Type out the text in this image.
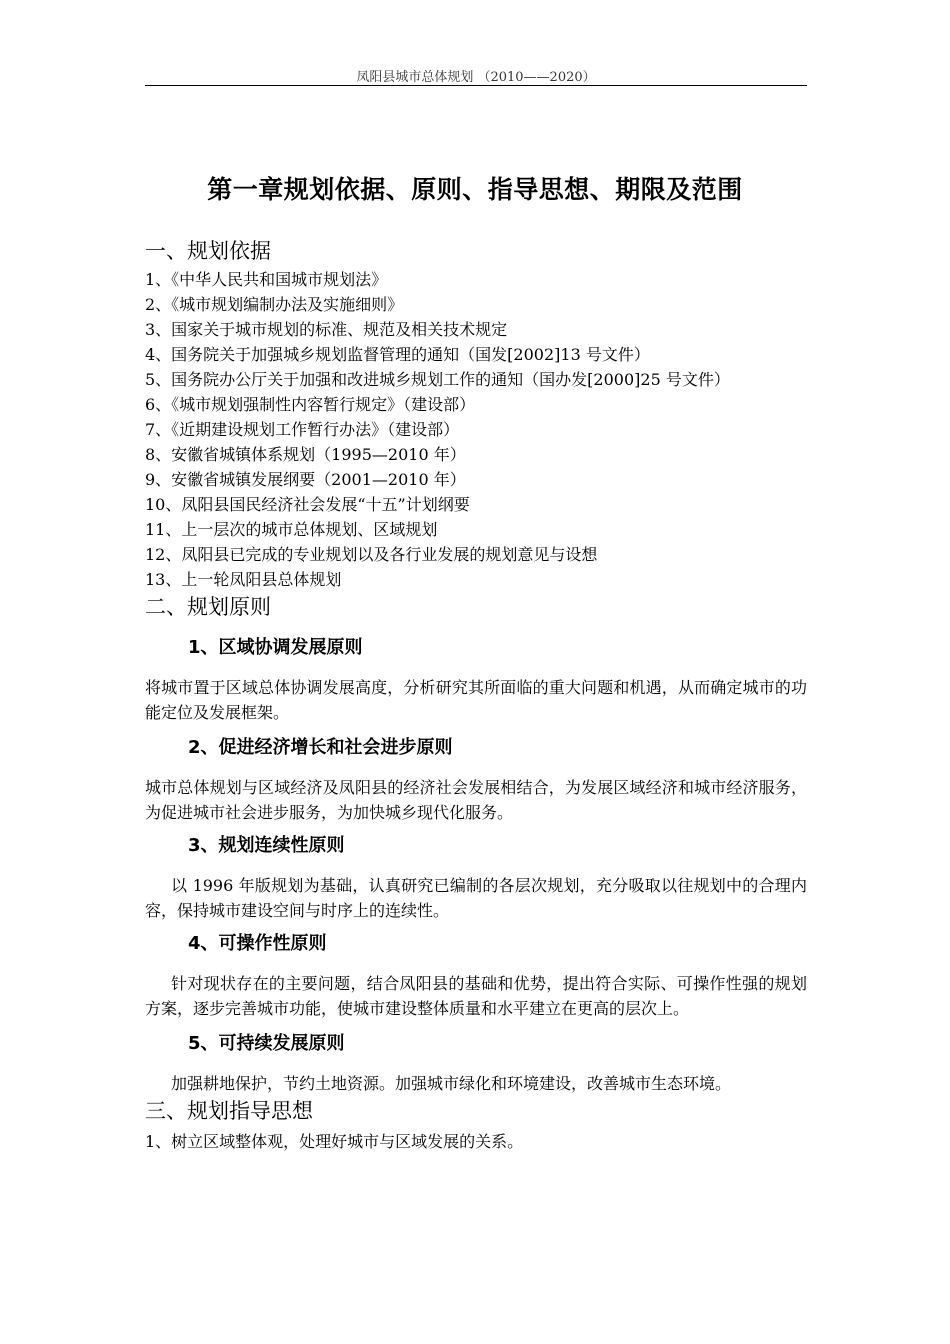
凤阳县城市总体规划 （2010——2020）
第一章规划依据、原则、指导思想、期限及范围
一、规划依据
1、《中华人民共和国城市规划法》
2、《城市规划编制办法及实施细则》
3、国家关于城市规划的标准、规范及相关技术规定
4、国务院关于加强城乡规划监督管理的通知（国发[2002]13 号文件）
5、国务院办公厅关于加强和改进城乡规划工作的通知（国办发[2000]25 号文件）
6、《城市规划强制性内容暂行规定》（建设部）
7、《近期建设规划工作暂行办法》（建设部）
8、安徽省城镇体系规划（1995—2010 年）
9、安徽省城镇发展纲要（2001—2010 年）
10、凤阳县国民经济社会发展“十五”计划纲要
11、上一层次的城市总体规划、区域规划
12、凤阳县已完成的专业规划以及各行业发展的规划意见与设想
13、上一轮凤阳县总体规划
二、规划原则
1、区域协调发展原则
将城市置于区域总体协调发展高度，分析研究其所面临的重大问题和机遇，从而确定城市的功能定位及发展框架。
2、促进经济增长和社会进步原则
城市总体规划与区域经济及凤阳县的经济社会发展相结合，为发展区域经济和城市经济服务，为促进城市社会进步服务，为加快城乡现代化服务。
3、规划连续性原则
以 1996 年版规划为基础，认真研究已编制的各层次规划，充分吸取以往规划中的合理内容，保持城市建设空间与时序上的连续性。
4、可操作性原则
针对现状存在的主要问题，结合凤阳县的基础和优势，提出符合实际、可操作性强的规划方案，逐步完善城市功能，使城市建设整体质量和水平建立在更高的层次上。
5、可持续发展原则
加强耕地保护，节约土地资源。加强城市绿化和环境建设，改善城市生态环境。
三、规划指导思想
1、树立区域整体观，处理好城市与区域发展的关系。
